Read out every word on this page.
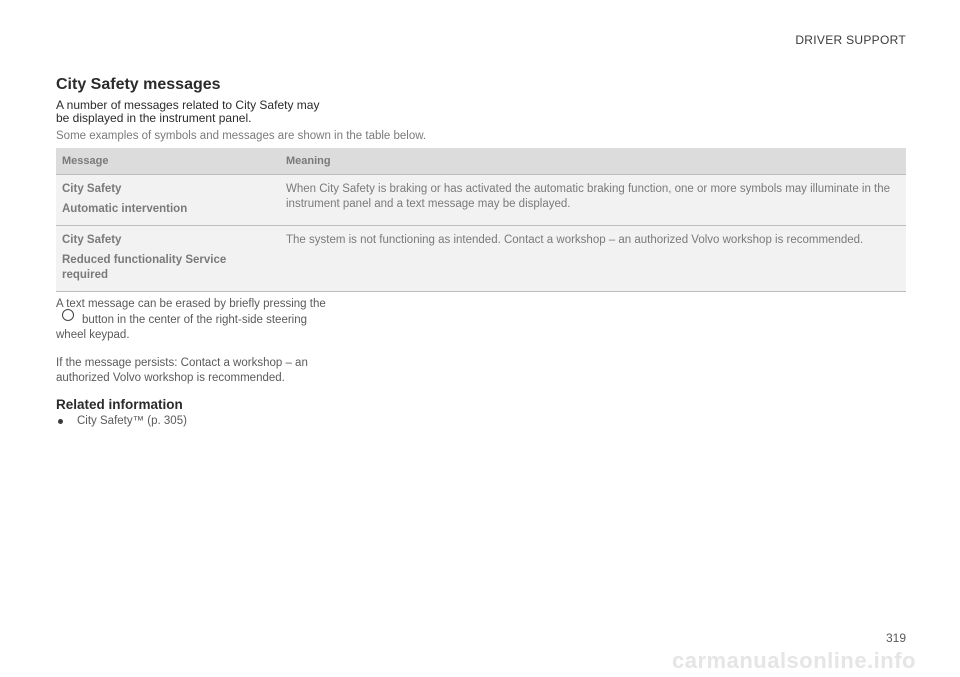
DRIVER SUPPORT
City Safety messages
A number of messages related to City Safety may be displayed in the instrument panel.
Some examples of symbols and messages are shown in the table below.
Message	Meaning

City Safety
Automatic intervention	When City Safety is braking or has activated the automatic braking function, one or more symbols may illuminate in the instrument panel and a text message may be displayed.

City Safety
Reduced functionality Service required	The system is not functioning as intended. Contact a workshop – an authorized Volvo workshop is recommended.
A text message can be erased by briefly pressing thebutton in the center of the right-side steering wheel keypad.
If the message persists: Contact a workshop – an authorized Volvo workshop is recommended.
Related information
City Safety™ (p. 305)
319
carmanualsonline.info
